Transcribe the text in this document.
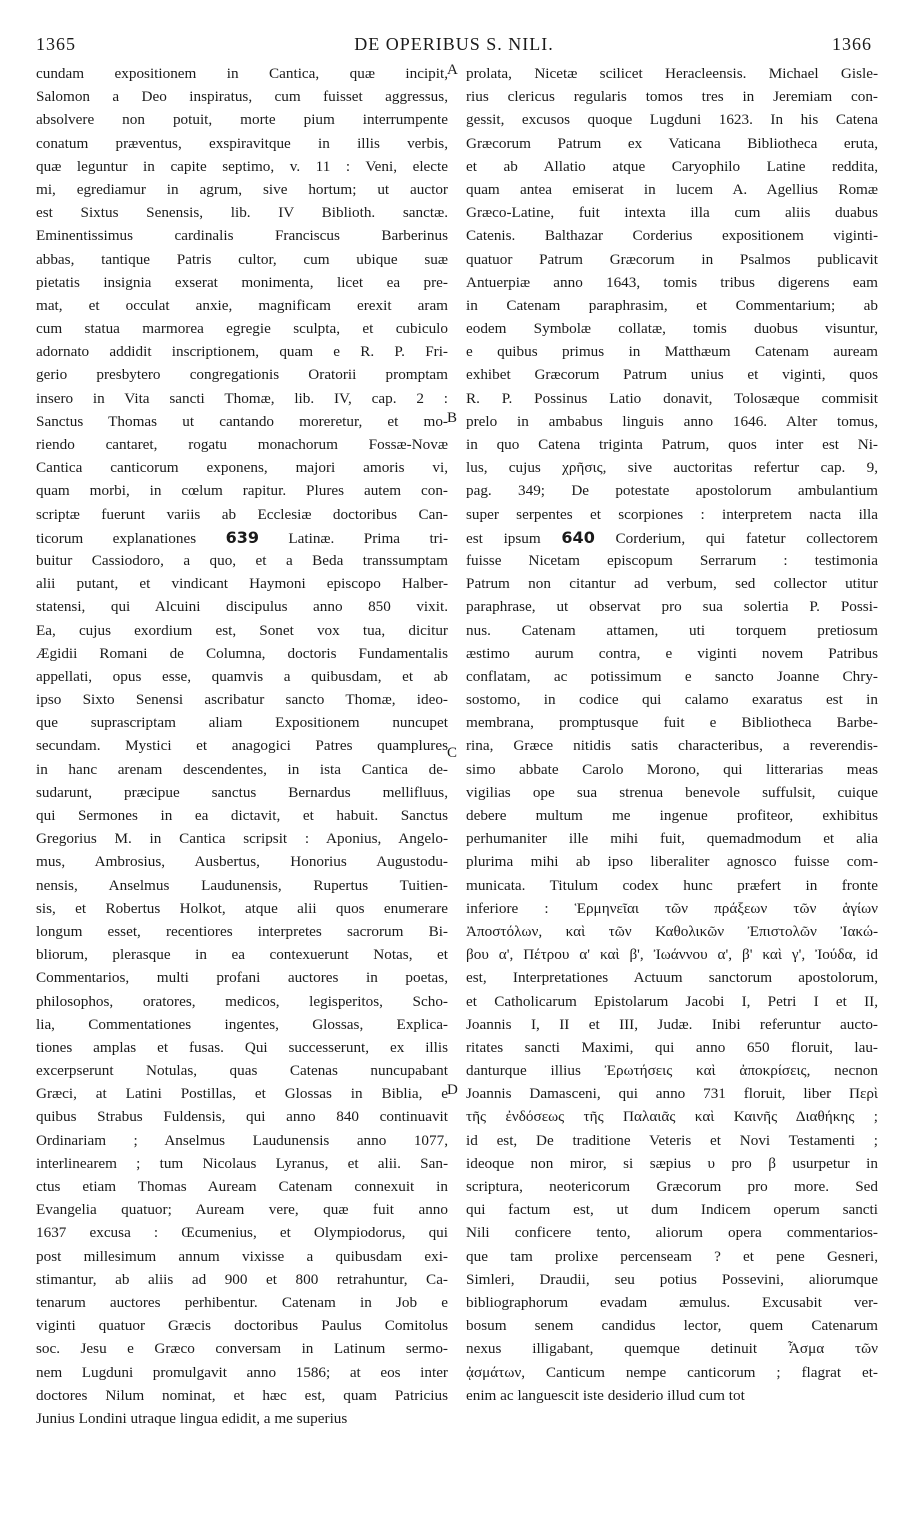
1365	DE OPERIBUS S. NILI.	1366
cundam expositionem in Cantica, quæ incipit,
Salomon a Deo inspiratus, cum fuisset aggressus,
absolvere non potuit, morte pium interrumpente
conatum præventus, exspiravitque in illis verbis,
quæ leguntur in capite septimo, v. 11 : Veni, electe
mi, egrediamur in agrum, sive hortum; ut auctor
est Sixtus Senensis, lib. IV Biblioth. sanctæ.
Eminentissimus cardinalis Franciscus Barberinus
abbas, tantique Patris cultor, cum ubique suæ
pietatis insignia exserat monimenta, licet ea pre-
mat, et occulat anxie, magnificam erexit aram
cum statua marmorea egregie sculpta, et cubiculo
adornato addidit inscriptionem, quam e R. P. Fri-
gerio presbytero congregationis Oratorii promptam
insero in Vita sancti Thomæ, lib. IV, cap. 2 :
Sanctus Thomas ut cantando moreretur, et mo-
riendo cantaret, rogatu monachorum Fossæ-Novæ
Cantica canticorum exponens, majori amoris vi,
quam morbi, in cœlum rapitur. Plures autem con-
scriptæ fuerunt variis ab Ecclesiæ doctoribus Can-
ticorum explanationes 639 Latinæ. Prima tri-
buitur Cassiodoro, a quo, et a Beda transsumptam
alii putant, et vindicant Haymoni episcopo Halber-
statensi, qui Alcuini discipulus anno 850 vixit.
Ea, cujus exordium est, Sonet vox tua, dicitur
Ægidii Romani de Columna, doctoris Fundamentalis
appellati, opus esse, quamvis a quibusdam, et ab
ipso Sixto Senensi ascribatur sancto Thomæ, ideo-
que suprascriptam aliam Expositionem nuncupet
secundam. Mystici et anagogici Patres quamplures
in hanc arenam descendentes, in ista Cantica de-
sudarunt, præcipue sanctus Bernardus mellifluus,
qui Sermones in ea dictavit, et habuit. Sanctus
Gregorius M. in Cantica scripsit : Aponius, Angelo-
mus, Ambrosius, Ausbertus, Honorius Augustodu-
nensis, Anselmus Laudunensis, Rupertus Tuitien-
sis, et Robertus Holkot, atque alii quos enumerare
longum esset, recentiores interpretes sacrorum Bi-
bliorum, plerasque in ea contexuerunt Notas, et
Commentarios, multi profani auctores in poetas,
philosophos, oratores, medicos, legisperitos, Scho-
lia, Commentationes ingentes, Glossas, Explica-
tiones amplas et fusas. Qui successerunt, ex illis
excerpserunt Notulas, quas Catenas nuncupabant
Græci, at Latini Postillas, et Glossas in Biblia, e
quibus Strabus Fuldensis, qui anno 840 continuavit
Ordinariam ; Anselmus Laudunensis anno 1077,
interlinearem ; tum Nicolaus Lyranus, et alii. San-
ctus etiam Thomas Auream Catenam connexuit in
Evangelia quatuor; Auream vere, quæ fuit anno
1637 excusa : Œcumenius, et Olympiodorus, qui
post millesimum annum vixisse a quibusdam exi-
stimantur, ab aliis ad 900 et 800 retrahuntur, Ca-
tenarum auctores perhibentur. Catenam in Job e
viginti quatuor Græcis doctoribus Paulus Comitolus
soc. Jesu e Græco conversam in Latinum sermo-
nem Lugduni promulgavit anno 1586; at eos inter
doctores Nilum nominat, et hæc est, quam Patricius
Junius Londini utraque lingua edidit, a me superius
prolata, Nicetæ scilicet Heracleensis. Michael Gisle-
rius clericus regularis tomos tres in Jeremiam con-
gessit, excusos quoque Lugduni 1623. In his Catena
Græcorum Patrum ex Vaticana Bibliotheca eruta,
et ab Allatio atque Caryophilo Latine reddita,
quam antea emiserat in lucem A. Agellius Romæ
Græco-Latine, fuit intexta illa cum aliis duabus
Catenis. Balthazar Corderius expositionem viginti-
quatuor Patrum Græcorum in Psalmos publicavit
Antuerpiæ anno 1643, tomis tribus digerens eam
in Catenam paraphrasim, et Commentarium; ab
eodem Symbolæ collatæ, tomis duobus visuntur,
e quibus primus in Matthæum Catenam auream
exhibet Græcorum Patrum unius et viginti, quos
R. P. Possinus Latio donavit, Tolosæque commisit
prelo in ambabus linguis anno 1646. Alter tomus,
in quo Catena triginta Patrum, quos inter est Ni-
lus, cujus χρῆσις, sive auctoritas refertur cap. 9,
pag. 349; De potestate apostolorum ambulantium
super serpentes et scorpiones : interpretem nacta illa
est ipsum 640 Corderium, qui fatetur collectorem
fuisse Nicetam episcopum Serrarum : testimonia
Patrum non citantur ad verbum, sed collector utitur
paraphrase, ut observat pro sua solertia P. Possi-
nus. Catenam attamen, uti torquem pretiosum
æstimo aurum contra, e viginti novem Patribus
conflatam, ac potissimum e sancto Joanne Chry-
sostomo, in codice qui calamo exaratus est in
membrana, promptusque fuit e Bibliotheca Barbe-
rina, Græce nitidis satis characteribus, a reverendis-
simo abbate Carolo Morono, qui litterarias meas
vigilias ope sua strenua benevole suffulsit, cuique
debere multum me ingenue profiteor, exhibitus
perhumaniter ille mihi fuit, quemadmodum et alia
plurima mihi ab ipso liberaliter agnosco fuisse com-
municata. Titulum codex hunc præfert in fronte
inferiore : Ἑρμηνεῖαι τῶν πράξεων τῶν ἁγίων
Ἀποστόλων, καὶ τῶν Καθολικῶν Ἐπιστολῶν Ἰακώ-
βου α', Πέτρου α' καὶ β', Ἰωάννου α', β' καὶ γ', Ἰούδα, id
est, Interpretationes Actuum sanctorum apostolorum,
et Catholicarum Epistolarum Jacobi I, Petri I et II,
Joannis I, II et III, Judæ. Inibi referuntur aucto-
ritates sancti Maximi, qui anno 650 floruit, lau-
danturque illius Ἐρωτήσεις καὶ ἀποκρίσεις, necnon
Joannis Damasceni, qui anno 731 floruit, liber Περὶ
τῆς ἐνδόσεως τῆς Παλαιᾶς καὶ Καινῆς Διαθήκης ;
id est, De traditione Veteris et Novi Testamenti ;
ideoque non miror, si sæpius υ pro β usurpetur in
scriptura, neotericorum Græcorum pro more. Sed
qui factum est, ut dum Indicem operum sancti
Nili conficere tento, aliorum opera commentarios-
que tam prolixe percenseam ? et pene Gesneri,
Simleri, Draudii, seu potius Possevini, aliorumque
bibliographorum evadam æmulus. Excusabit ver-
bosum senem candidus lector, quem Catenarum
nexus illigabant, quemque detinuit Ἆσμα τῶν
ᾀσμάτων, Canticum nempe canticorum ; flagrat et-
enim ac languescit iste desiderio illud cum tot
A
B
C
D
